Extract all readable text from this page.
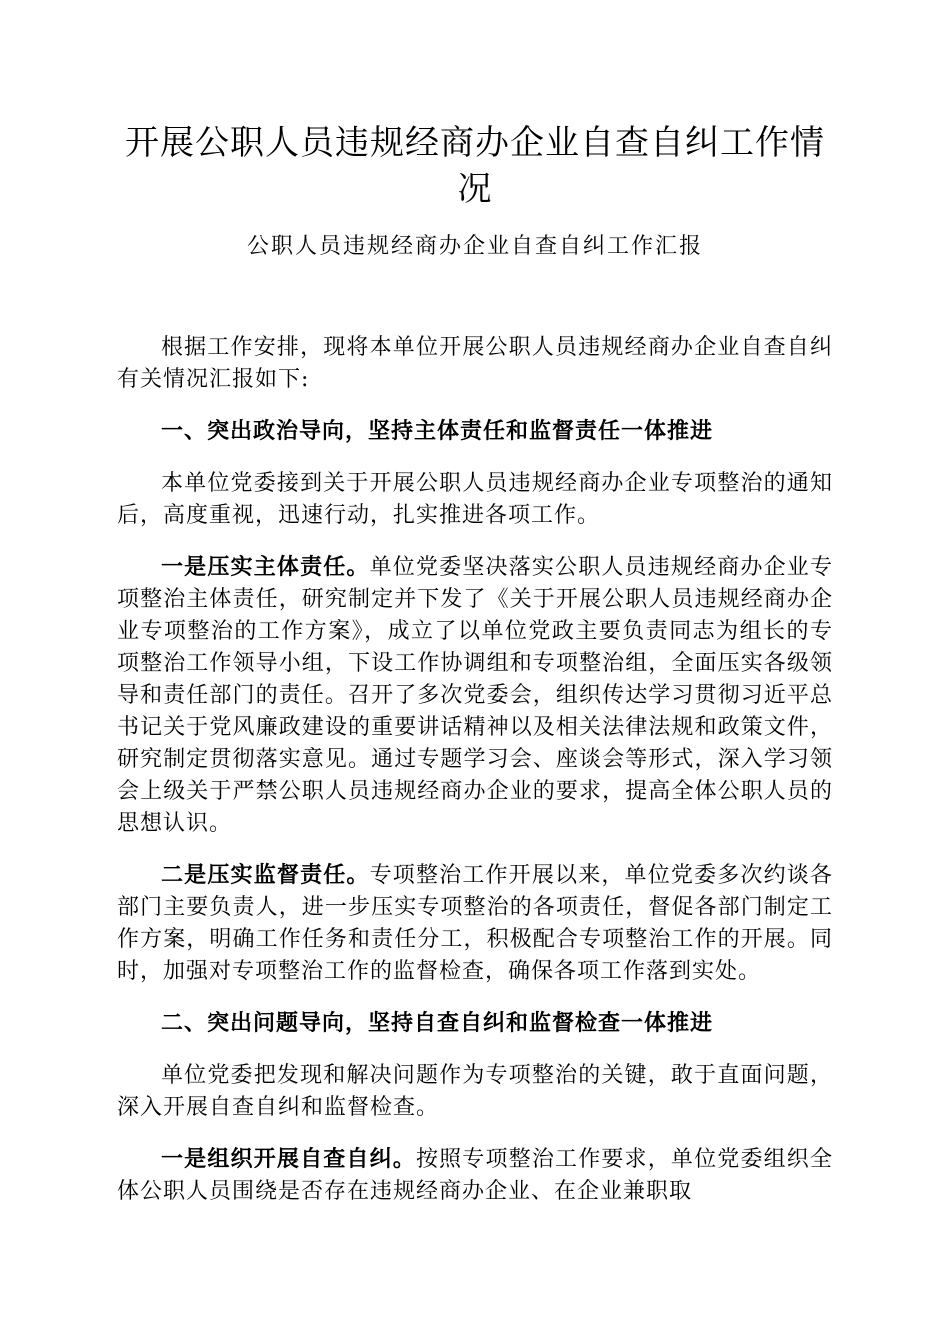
开展公职人员违规经商办企业自查自纠工作情况
公职人员违规经商办企业自查自纠工作汇报

根据工作安排，现将本单位开展公职人员违规经商办企业自查自纠有关情况汇报如下:

一、突出政治导向，坚持主体责任和监督责任一体推进

本单位党委接到关于开展公职人员违规经商办企业专项整治的通知后，高度重视，迅速行动，扎实推进各项工作。

一是压实主体责任。单位党委坚决落实公职人员违规经商办企业专项整治主体责任，研究制定并下发了《关于开展公职人员违规经商办企业专项整治的工作方案》，成立了以单位党政主要负责同志为组长的专项整治工作领导小组，下设工作协调组和专项整治组，全面压实各级领导和责任部门的责任。召开了多次党委会，组织传达学习贯彻习近平总书记关于党风廉政建设的重要讲话精神以及相关法律法规和政策文件，研究制定贯彻落实意见。通过专题学习会、座谈会等形式，深入学习领会上级关于严禁公职人员违规经商办企业的要求，提高全体公职人员的思想认识。

二是压实监督责任。专项整治工作开展以来，单位党委多次约谈各部门主要负责人，进一步压实专项整治的各项责任，督促各部门制定工作方案，明确工作任务和责任分工，积极配合专项整治工作的开展。同时，加强对专项整治工作的监督检查，确保各项工作落到实处。

二、突出问题导向，坚持自查自纠和监督检查一体推进

单位党委把发现和解决问题作为专项整治的关键，敢于直面问题，深入开展自查自纠和监督检查。

一是组织开展自查自纠。按照专项整治工作要求，单位党委组织全体公职人员围绕是否存在违规经商办企业、在企业兼职取
